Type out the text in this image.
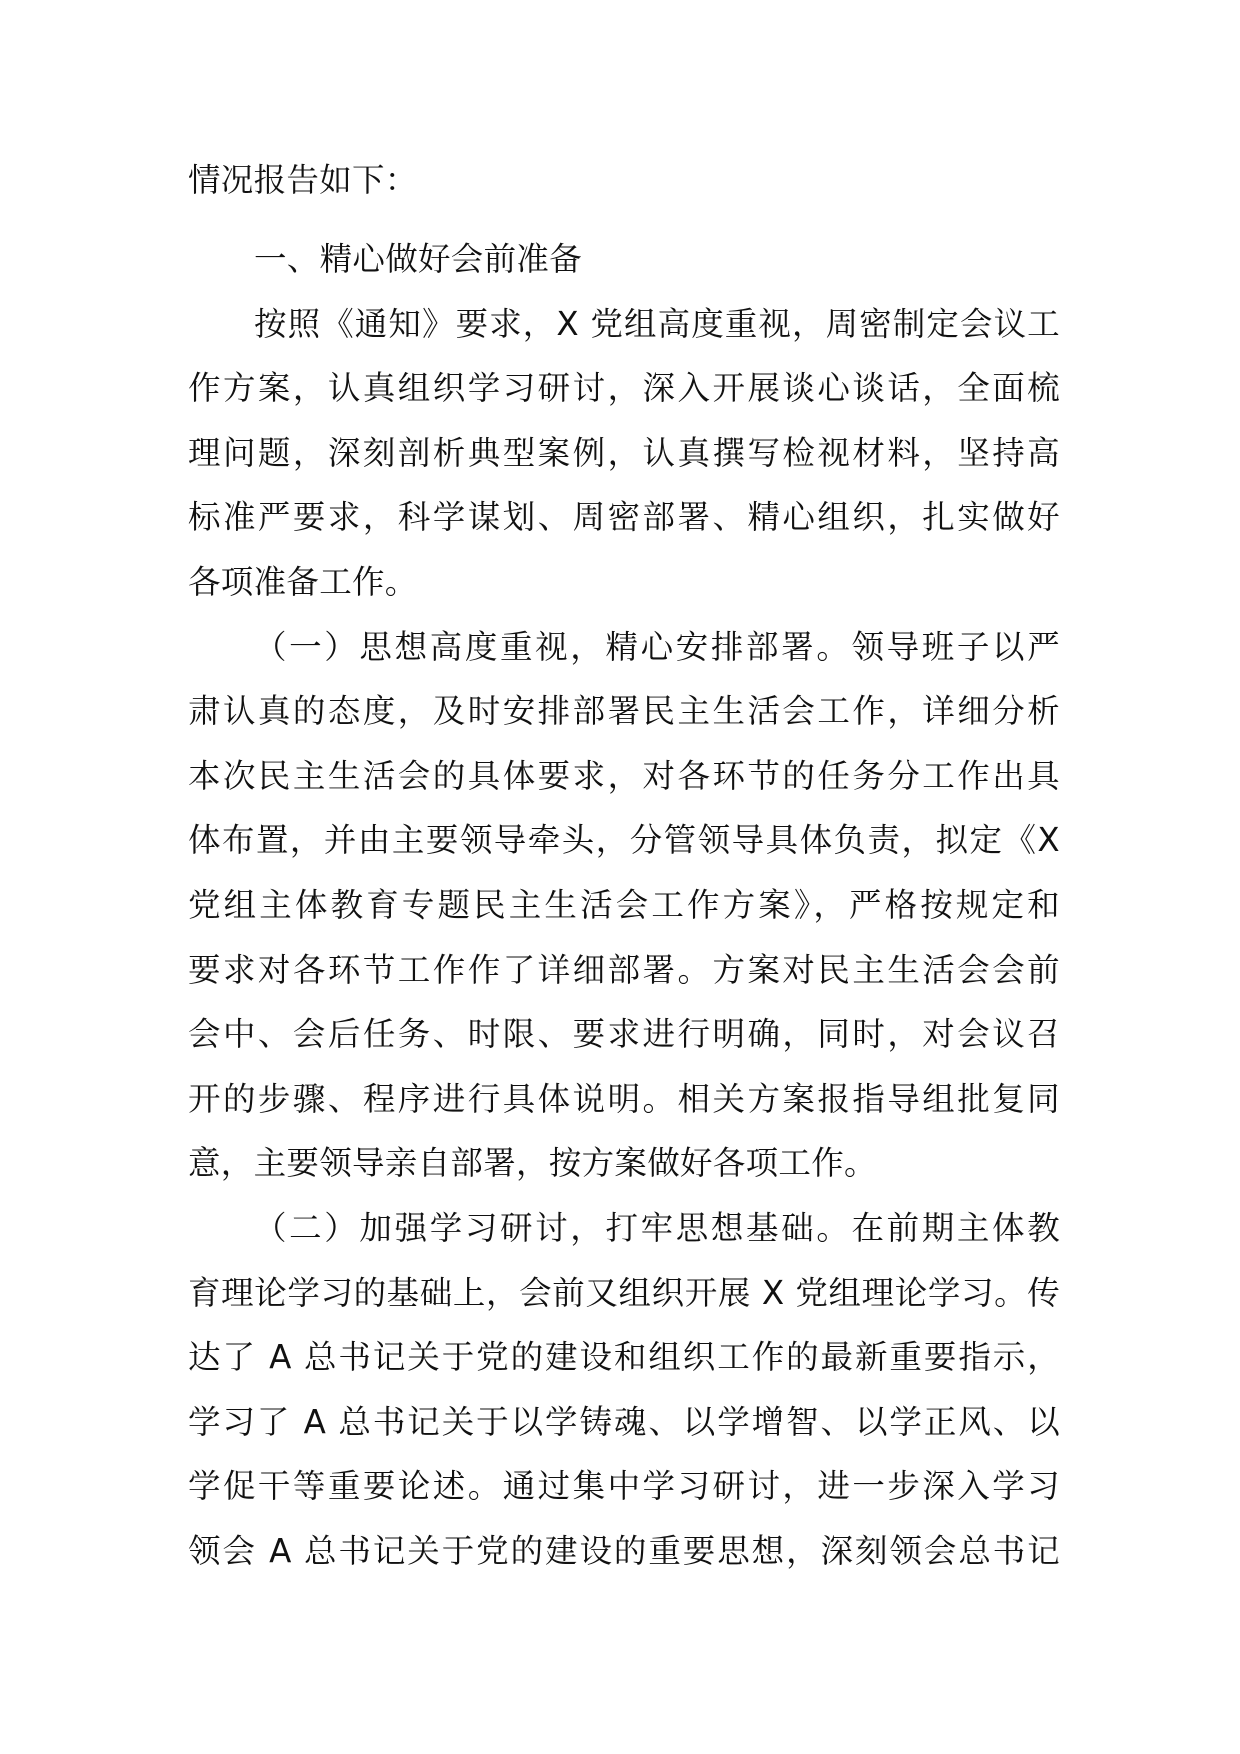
情况报告如下：
一、精心做好会前准备
按照《通知》要求，X 党组高度重视，周密制定会议工
作方案，认真组织学习研讨，深入开展谈心谈话，全面梳
理问题，深刻剖析典型案例，认真撰写检视材料，坚持高
标准严要求，科学谋划、周密部署、精心组织，扎实做好
各项准备工作。
（一）思想高度重视，精心安排部署。领导班子以严
肃认真的态度，及时安排部署民主生活会工作，详细分析
本次民主生活会的具体要求，对各环节的任务分工作出具
体布置，并由主要领导牵头，分管领导具体负责，拟定《X
党组主体教育专题民主生活会工作方案》，严格按规定和
要求对各环节工作作了详细部署。方案对民主生活会会前
会中、会后任务、时限、要求进行明确，同时，对会议召
开的步骤、程序进行具体说明。相关方案报指导组批复同
意，主要领导亲自部署，按方案做好各项工作。
（二）加强学习研讨，打牢思想基础。在前期主体教
育理论学习的基础上，会前又组织开展 X 党组理论学习。传
达了 A 总书记关于党的建设和组织工作的最新重要指示，
学习了 A 总书记关于以学铸魂、以学增智、以学正风、以
学促干等重要论述。通过集中学习研讨，进一步深入学习
领会 A 总书记关于党的建设的重要思想，深刻领会总书记
